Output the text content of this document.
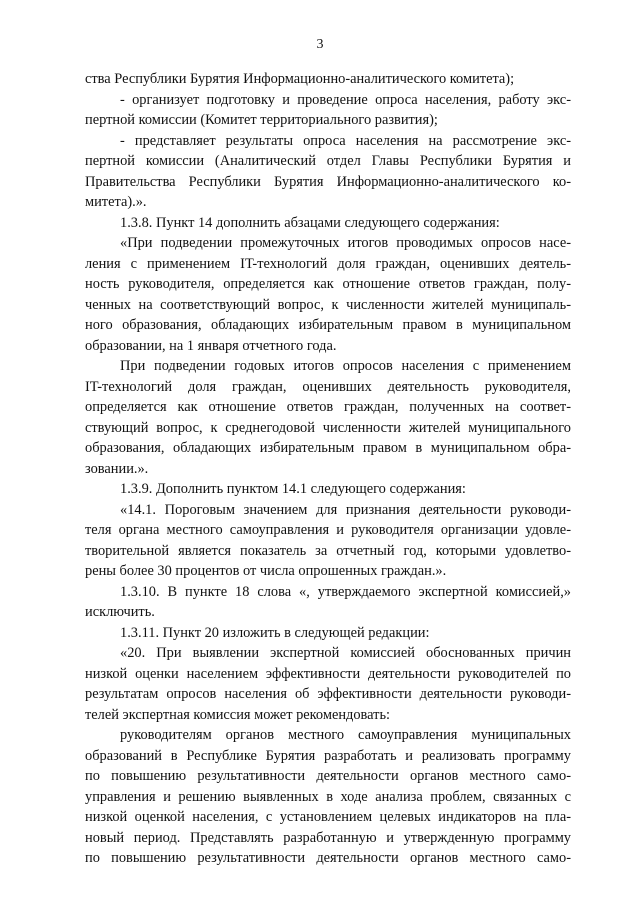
3
ства Республики Бурятия Информационно-аналитического комитета);
- организует подготовку и проведение опроса населения, работу экс-
пертной комиссии (Комитет территориального развития);
- представляет результаты опроса населения на рассмотрение экс-
пертной комиссии (Аналитический отдел Главы Республики Бурятия и
Правительства Республики Бурятия Информационно-аналитического ко-
митета).».
1.3.8. Пункт 14 дополнить абзацами следующего содержания:
«При подведении промежуточных итогов проводимых опросов насе-
ления с применением IT-технологий доля граждан, оценивших деятель-
ность руководителя, определяется как отношение ответов граждан, полу-
ченных на соответствующий вопрос, к численности жителей муниципаль-
ного образования, обладающих избирательным правом в муниципальном
образовании, на 1 января отчетного года.
При подведении годовых итогов опросов населения с применением
IT-технологий доля граждан, оценивших деятельность руководителя,
определяется как отношение ответов граждан, полученных на соответ-
ствующий вопрос, к среднегодовой численности жителей муниципального
образования, обладающих избирательным правом в муниципальном обра-
зовании.».
1.3.9. Дополнить пунктом 14.1 следующего содержания:
«14.1. Пороговым значением для признания деятельности руководи-
теля органа местного самоуправления и руководителя организации удовле-
творительной является показатель за отчетный год, которыми удовлетво-
рены более 30 процентов от числа опрошенных граждан.».
1.3.10. В пункте 18 слова «, утверждаемого экспертной комиссией,»
исключить.
1.3.11. Пункт 20 изложить в следующей редакции:
«20. При выявлении экспертной комиссией обоснованных причин
низкой оценки населением эффективности деятельности руководителей по
результатам опросов населения об эффективности деятельности руководи-
телей экспертная комиссия может рекомендовать:
руководителям органов местного самоуправления муниципальных
образований в Республике Бурятия разработать и реализовать программу
по повышению результативности деятельности органов местного само-
управления и решению выявленных в ходе анализа проблем, связанных с
низкой оценкой населения, с установлением целевых индикаторов на пла-
новый период. Представлять разработанную и утвержденную программу
по повышению результативности деятельности органов местного само-
